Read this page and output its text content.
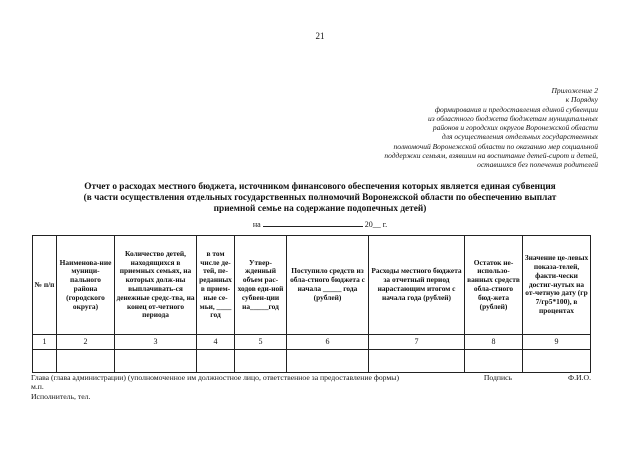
21
Приложение 2
к Порядку
формирования и предоставления единой субвенции
из областного бюджета бюджетам муниципальных
районов и городских округов Воронежской области
для осуществления отдельных государственных
полномочий Воронежской области по оказанию мер социальной
поддержки семьям, взявшим на воспитание детей-сирот и детей,
оставшихся без попечения родителей
Отчет о расходах местного бюджета, источником финансового обеспечения которых является единая субвенция
(в части осуществления отдельных государственных полномочий Воронежской области по обеспечению выплат
приемной семье на содержание подопечных детей)
на	20__ г.
№ п/п	Наименова-ние муници-пального района (городского округа)	Количество детей, находящихся в приемных семьях, на которых долж-ны выплачивать-ся денежные средс-тва, на конец от-четного периода	в том числе де-тей, пе-реданных в прием-ные се-мьи, ____ год	Утвер-жденный объем рас-ходов еди-ной субвен-ции на_____год	Поступило средств из обла-стного бюджета с начала _____ года (рублей)	Расходы местного бюджета за отчетный период нарастающим итогом с начала года (рублей)	Остаток не-использо-ванных средств обла-стного бюд-жета (рублей)	Значение це-левых показа-телей, факти-чески достиг-нутых на от-четную дату (гр 7/гр5*100), в процентах
1	2	3	4	5	6	7	8	9

Глава (глава администрации) (уполномоченное им должностное лицо, ответственное за предоставление формы)	Подпись	Ф.И.О.
м.п.
Исполнитель, тел.
